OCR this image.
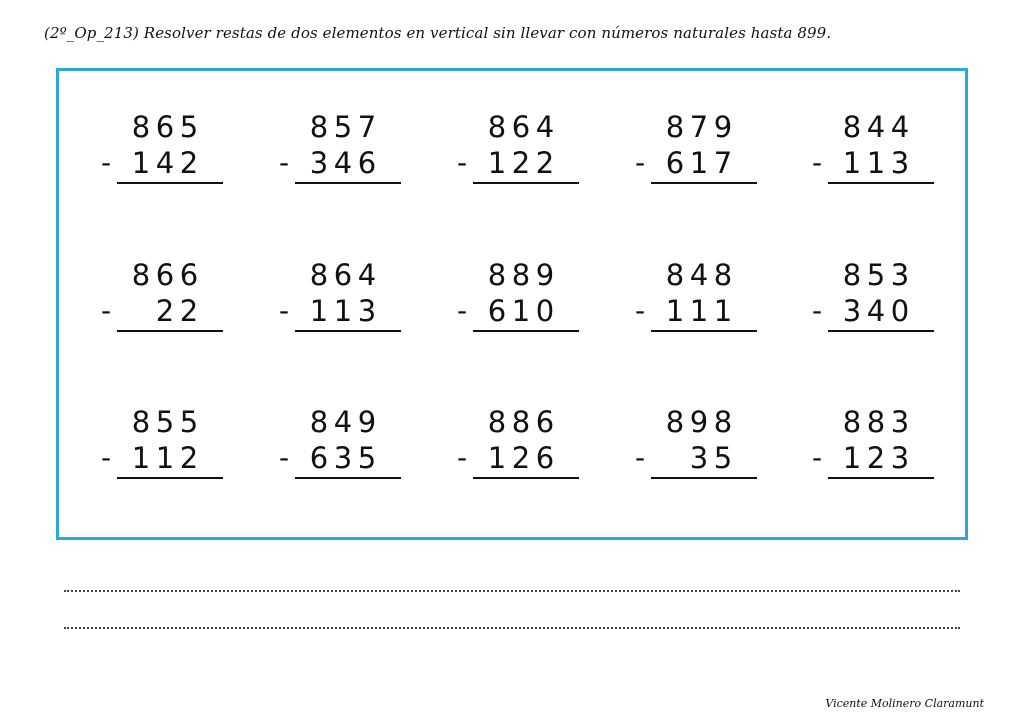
(2º_Op_213) Resolver restas de dos elementos en vertical sin llevar con números naturales hasta 899.
8 6 5
- 1 4 2
8 5 7
- 3 4 6
8 6 4
- 1 2 2
8 7 9
- 6 1 7
8 4 4
- 1 1 3
8 6 6
- 2 2
8 6 4
- 1 1 3
8 8 9
- 6 1 0
8 4 8
- 1 1 1
8 5 3
- 3 4 0
8 5 5
- 1 1 2
8 4 9
- 6 3 5
8 8 6
- 1 2 6
8 9 8
- 3 5
8 8 3
- 1 2 3
Vicente Molinero Claramunt
